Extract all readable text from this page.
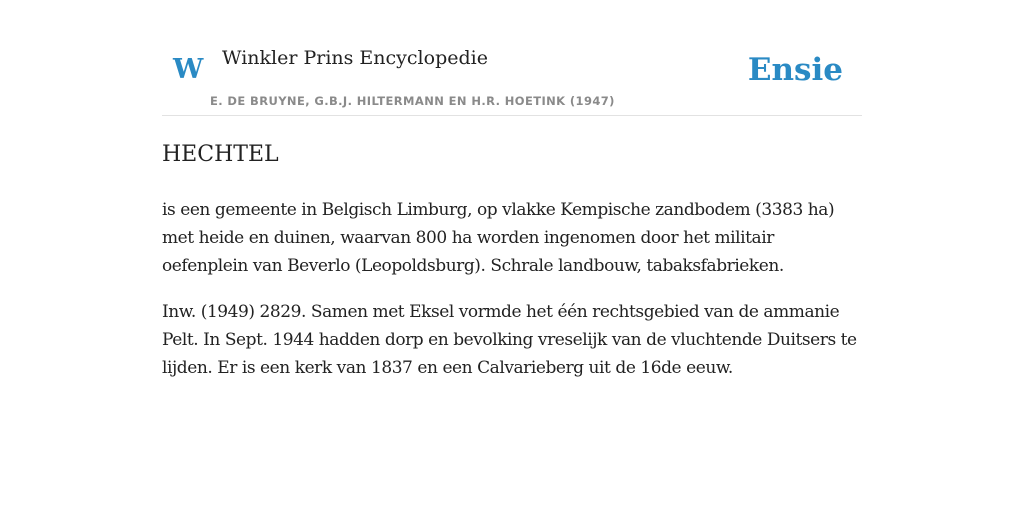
W Winkler Prins Encyclopedie
E. DE BRUYNE, G.B.J. HILTERMANN EN H.R. HOETINK (1947)
Ensie
HECHTEL

is een gemeente in Belgisch Limburg, op vlakke Kempische zandbodem (3383 ha) met heide en duinen, waarvan 800 ha worden ingenomen door het militair oefenplein van Beverlo (Leopoldsburg). Schrale landbouw, tabaksfabrieken.

Inw. (1949) 2829. Samen met Eksel vormde het één rechtsgebied van de ammanie Pelt. In Sept. 1944 hadden dorp en bevolking vreselijk van de vluchtende Duitsers te lijden. Er is een kerk van 1837 en een Calvarieberg uit de 16de eeuw.
